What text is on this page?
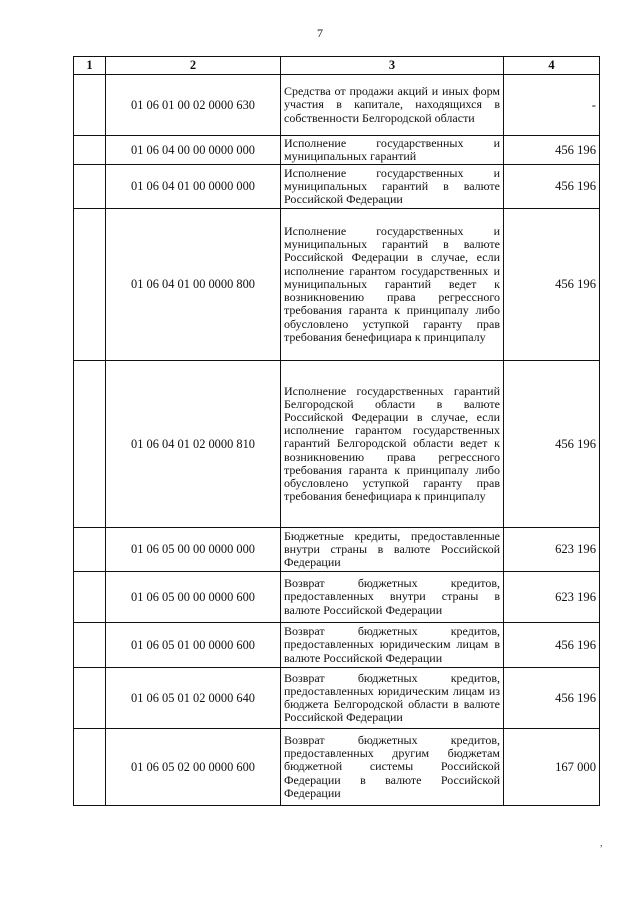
7
1	2	3	4
	01 06 01 00 02 0000 630	Средства от продажи акций и иных форм участия в капитале, находящихся в собственности Белгородской области	-
	01 06 04 00 00 0000 000	Исполнение государственных и муниципальных гарантий	456 196
	01 06 04 01 00 0000 000	Исполнение государственных и муниципальных гарантий в валюте Российской Федерации	456 196
	01 06 04 01 00 0000 800	Исполнение государственных и муниципальных гарантий в валюте Российской Федерации в случае, если исполнение гарантом государственных и муниципальных гарантий ведет к возникновению права регрессного требования гаранта к принципалу либо обусловлено уступкой гаранту прав требования бенефициара к принципалу	456 196
	01 06 04 01 02 0000 810	Исполнение государственных гарантий Белгородской области в валюте Российской Федерации в случае, если исполнение гарантом государственных гарантий Белгородской области ведет к возникновению права регрессного требования гаранта к принципалу либо обусловлено уступкой гаранту прав требования бенефициара к принципалу	456 196
	01 06 05 00 00 0000 000	Бюджетные кредиты, предоставленные внутри страны в валюте Российской Федерации	623 196
	01 06 05 00 00 0000 600	Возврат бюджетных кредитов, предоставленных внутри страны в валюте Российской Федерации	623 196
	01 06 05 01 00 0000 600	Возврат бюджетных кредитов, предоставленных юридическим лицам в валюте Российской Федерации	456 196
	01 06 05 01 02 0000 640	Возврат бюджетных кредитов, предоставленных юридическим лицам из бюджета Белгородской области в валюте Российской Федерации	456 196
	01 06 05 02 00 0000 600	Возврат бюджетных кредитов, предоставленных другим бюджетам бюджетной системы Российской Федерации в валюте Российской Федерации	167 000
,
